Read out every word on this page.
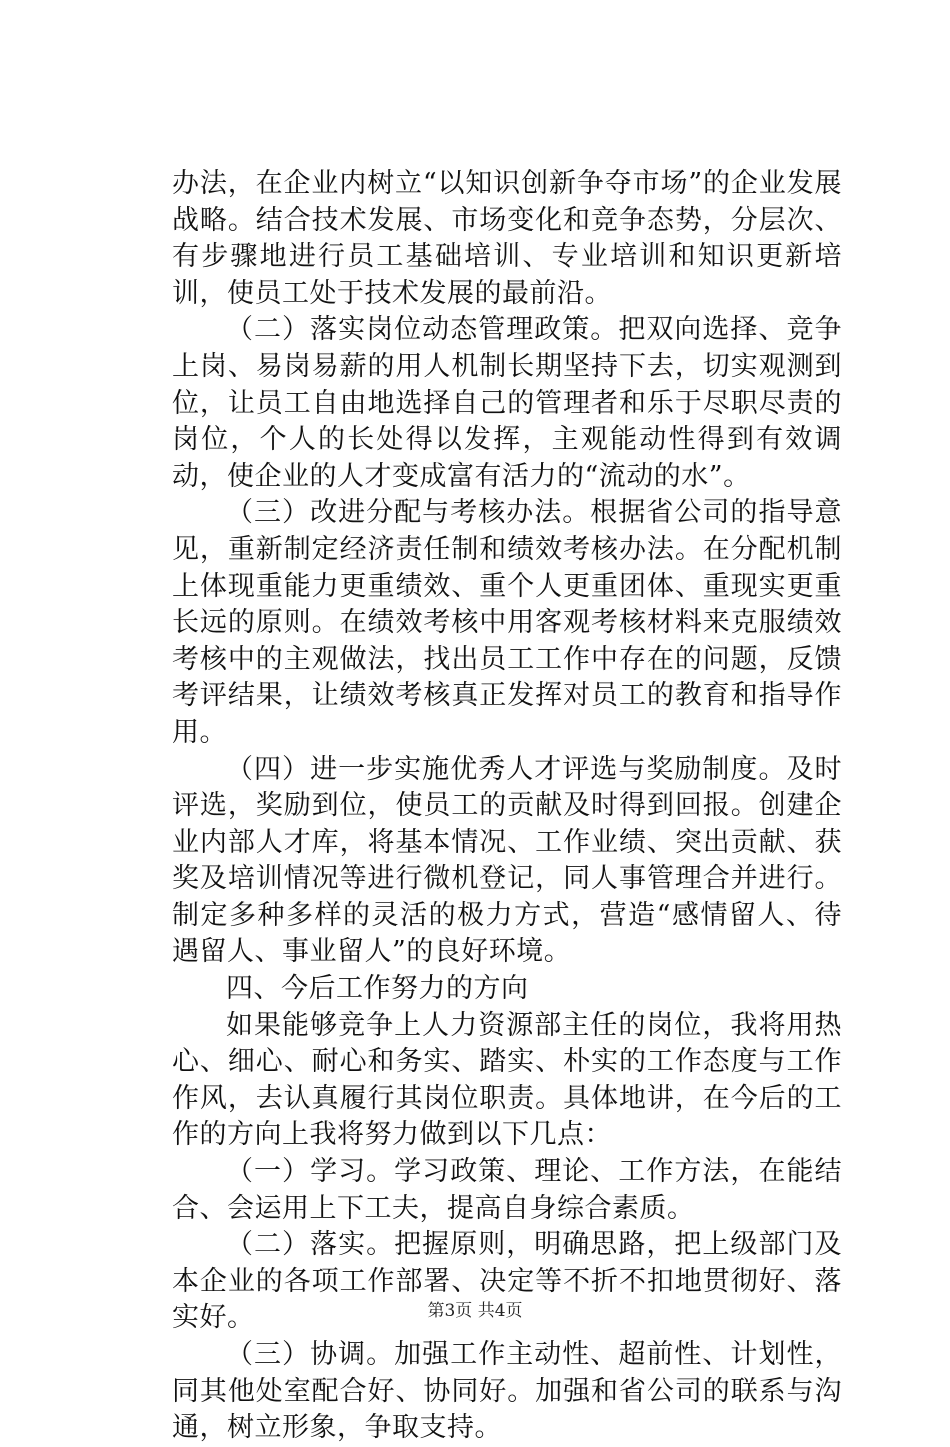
办法，在企业内树立“以知识创新争夺市场”的企业发展战略。结合技术发展、市场变化和竞争态势，分层次、有步骤地进行员工基础培训、专业培训和知识更新培训，使员工处于技术发展的最前沿。

（二）落实岗位动态管理政策。把双向选择、竞争上岗、易岗易薪的用人机制长期坚持下去，切实观测到位，让员工自由地选择自己的管理者和乐于尽职尽责的岗位，个人的长处得以发挥，主观能动性得到有效调动，使企业的人才变成富有活力的“流动的水”。

（三）改进分配与考核办法。根据省公司的指导意见，重新制定经济责任制和绩效考核办法。在分配机制上体现重能力更重绩效、重个人更重团体、重现实更重长远的原则。在绩效考核中用客观考核材料来克服绩效考核中的主观做法，找出员工工作中存在的问题，反馈考评结果，让绩效考核真正发挥对员工的教育和指导作用。

（四）进一步实施优秀人才评选与奖励制度。及时评选，奖励到位，使员工的贡献及时得到回报。创建企业内部人才库，将基本情况、工作业绩、突出贡献、获奖及培训情况等进行微机登记，同人事管理合并进行。制定多种多样的灵活的极力方式，营造“感情留人、待遇留人、事业留人”的良好环境。

四、今后工作努力的方向

如果能够竞争上人力资源部主任的岗位，我将用热心、细心、耐心和务实、踏实、朴实的工作态度与工作作风，去认真履行其岗位职责。具体地讲，在今后的工作的方向上我将努力做到以下几点：

（一）学习。学习政策、理论、工作方法，在能结合、会运用上下工夫，提高自身综合素质。

（二）落实。把握原则，明确思路，把上级部门及本企业的各项工作部署、决定等不折不扣地贯彻好、落实好。

（三）协调。加强工作主动性、超前性、计划性，同其他处室配合好、协同好。加强和省公司的联系与沟通，树立形象，争取支持。

第3页 共4页
